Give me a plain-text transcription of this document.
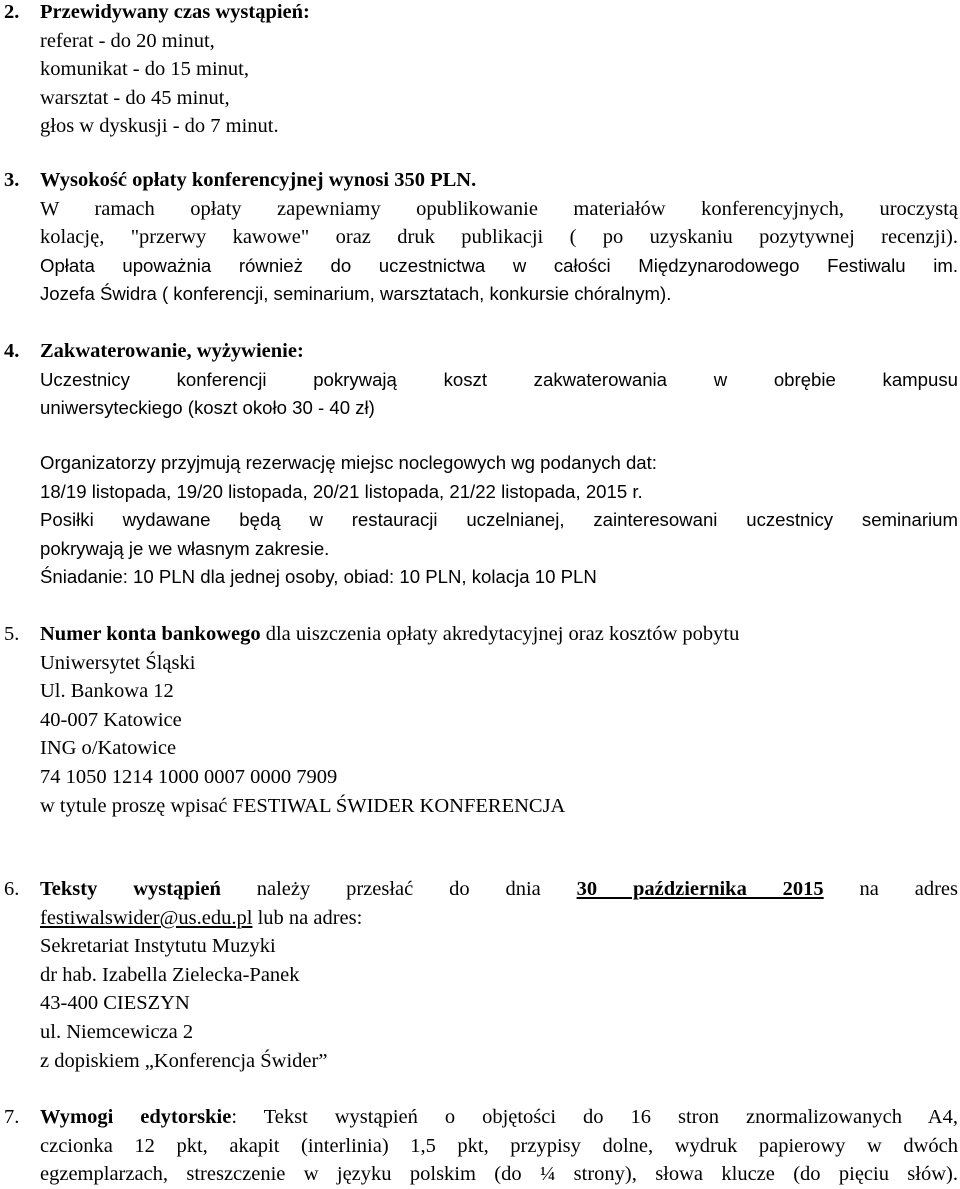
2. Przewidywany czas wystąpień:
referat - do 20 minut,
komunikat - do 15 minut,
warsztat - do 45 minut,
głos w dyskusji - do 7 minut.
3. Wysokość opłaty konferencyjnej wynosi 350 PLN.
W ramach opłaty zapewniamy opublikowanie materiałów konferencyjnych, uroczystą
kolację, "przerwy kawowe" oraz druk publikacji ( po uzyskaniu pozytywnej recenzji).
Opłata upoważnia również do uczestnictwa w całości Międzynarodowego Festiwalu im.
Jozefa Świdra ( konferencji, seminarium, warsztatach, konkursie chóralnym).
4. Zakwaterowanie, wyżywienie:
Uczestnicy konferencji pokrywają koszt zakwaterowania w obrębie kampusu
uniwersyteckiego (koszt około 30 - 40 zł)
Organizatorzy przyjmują rezerwację miejsc noclegowych wg podanych dat:
18/19 listopada, 19/20 listopada, 20/21 listopada, 21/22 listopada, 2015 r.
Posiłki wydawane będą w restauracji uczelnianej, zainteresowani uczestnicy seminarium
pokrywają je we własnym zakresie.
Śniadanie: 10 PLN dla jednej osoby, obiad: 10 PLN, kolacja 10 PLN
5. Numer konta bankowego dla uiszczenia opłaty akredytacyjnej oraz kosztów pobytu
Uniwersytet Śląski
Ul. Bankowa 12
40-007 Katowice
ING o/Katowice
74 1050 1214 1000 0007 0000 7909
w tytule proszę wpisać FESTIWAL ŚWIDER KONFERENCJA
6. Teksty wystąpień należy przesłać do dnia 30 października 2015 na adres
festiwalswider@us.edu.pl lub na adres:
Sekretariat Instytutu Muzyki
dr hab. Izabella Zielecka-Panek
43-400 CIESZYN
ul. Niemcewicza 2
z dopiskiem „Konferencja Świder”
7. Wymogi edytorskie: Tekst wystąpień o objętości do 16 stron znormalizowanych A4,
czcionka 12 pkt, akapit (interlinia) 1,5 pkt, przypisy dolne, wydruk papierowy w dwóch
egzemplarzach, streszczenie w języku polskim (do ¼ strony), słowa klucze (do pięciu słów).
